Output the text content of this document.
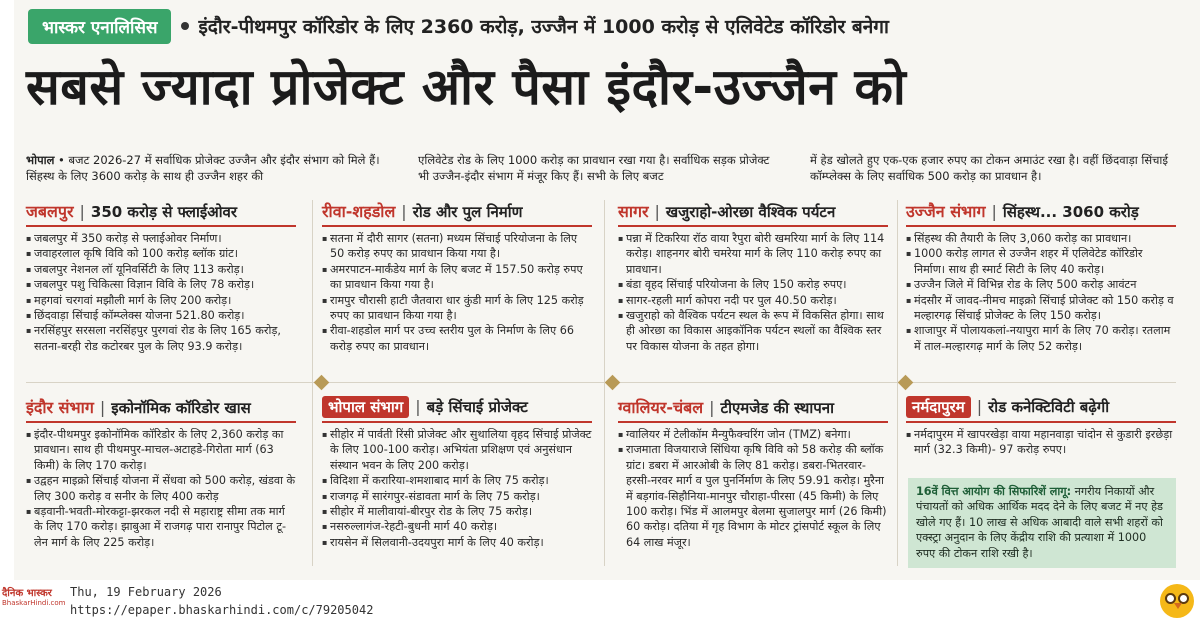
भास्कर एनालिसिस	इंदौर-पीथमपुर कॉरिडोर के लिए 2360 करोड़, उज्जैन में 1000 करोड़ से एलिवेटेड कॉरिडोर बनेगा
सबसे ज्यादा प्रोजेक्ट और पैसा इंदौर-उज्जैन को

भोपाल • बजट 2026-27 में सर्वाधिक प्रोजेक्ट उज्जैन और इंदौर संभाग को मिले हैं। सिंहस्थ के लिए 3600 करोड़ के साथ ही उज्जैन शहर की

एलिवेटेड रोड के लिए 1000 करोड़ का प्रावधान रखा गया है। सर्वाधिक सड़क प्रोजेक्ट भी उज्जैन-इंदौर संभाग में मंजूर किए हैं। सभी के लिए बजट

में हेड खोलते हुए एक-एक हजार रुपए का टोकन अमाउंट रखा है। वहीं छिंदवाड़ा सिंचाई कॉम्प्लेक्स के लिए सर्वाधिक 500 करोड़ का प्रावधान है।

जबलपुर | 350 करोड़ से फ्लाईओवर
▪ जबलपुर में 350 करोड़ से फ्लाईओवर निर्माण।
▪ जवाहरलाल कृषि विवि को 100 करोड़ ब्लॉक ग्रांट।
▪ जबलपुर नेशनल लॉ यूनिवर्सिटी के लिए 113 करोड़।
▪ जबलपुर पशु चिकित्सा विज्ञान विवि के लिए 78 करोड़।
▪ महगवां चरगवां मझौली मार्ग के लिए 200 करोड़।
▪ छिंदवाड़ा सिंचाई कॉम्प्लेक्स योजना 521.80 करोड़।
▪ नरसिंहपुर सरसला नरसिंहपुर पुरगवां रोड के लिए 165 करोड़, सतना-बरही रोड कटोरबर पुल के लिए 93.9 करोड़।
रीवा-शहडोल | रोड और पुल निर्माण
▪ सतना में दौरी सागर (सतना) मध्यम सिंचाई परियोजना के लिए 50 करोड़ रुपए का प्रावधान किया गया है।
▪ अमरपाटन-मार्कंडेय मार्ग के लिए बजट में 157.50 करोड़ रुपए का प्रावधान किया गया है।
▪ रामपुर चौरासी हाटी जैतवारा धार कुंडी मार्ग के लिए 125 करोड़ रुपए का प्रावधान किया गया है।
▪ रीवा-शहडोल मार्ग पर उच्च स्तरीय पुल के निर्माण के लिए 66 करोड़ रुपए का प्रावधान।
सागर | खजुराहो-ओरछा वैश्विक पर्यटन
▪ पन्ना में टिकरिया रॉठ वाया रैपुरा बोरी खमरिया मार्ग के लिए 114 करोड़। शाहनगर बोरी चमरेया मार्ग के लिए 110 करोड़ रुपए का प्रावधान।
▪ बंडा वृहद सिंचाई परियोजना के लिए 150 करोड़ रुपए।
▪ सागर-रहली मार्ग कोपरा नदी पर पुल 40.50 करोड़।
▪ खजुराहो को वैश्विक पर्यटन स्थल के रूप में विकसित होगा। साथ ही ओरछा का विकास आइकॉनिक पर्यटन स्थलों का वैश्विक स्तर पर विकास योजना के तहत होगा।
उज्जैन संभाग | सिंहस्थ... 3060 करोड़
▪ सिंहस्थ की तैयारी के लिए 3,060 करोड़ का प्रावधान।
▪ 1000 करोड़ लागत से उज्जैन शहर में एलिवेटेड कॉरिडोर निर्माण। साथ ही स्मार्ट सिटी के लिए 40 करोड़।
▪ उज्जैन जिले में विभिन्न रोड के लिए 500 करोड़ आवंटन
▪ मंदसौर में जावद-नीमच माइक्रो सिंचाई प्रोजेक्ट को 150 करोड़ व मल्हारगढ़ सिंचाई प्रोजेक्ट के लिए 150 करोड़।
▪ शाजापुर में पोलायकलां-नयापुरा मार्ग के लिए 70 करोड़। रतलाम में ताल-मल्हारगढ़ मार्ग के लिए 52 करोड़।
इंदौर संभाग | इकोनॉमिक कॉरिडोर खास
▪ इंदौर-पीथमपुर इकोनॉमिक कॉरिडोर के लिए 2,360 करोड़ का प्रावधान। साथ ही पीथमपुर-माचल-अटाहडे-गिरोता मार्ग (63 किमी) के लिए 170 करोड़।
▪ उद्वहन माइक्रो सिंचाई योजना में सेंधवा को 500 करोड़, खंडवा के लिए 300 करोड़ व सनीर के लिए 400 करोड़
▪ बड़वानी-भवती-मोरकट्टा-झरकल नदी से महाराष्ट्र सीमा तक मार्ग के लिए 170 करोड़। झाबुआ में राजगढ़ पारा रानापुर पिटोल टू-लेन मार्ग के लिए 225 करोड़।
भोपाल संभाग | बड़े सिंचाई प्रोजेक्ट
▪ सीहोर में पार्वती रिंसी प्रोजेक्ट और सुथालिया वृहद सिंचाई प्रोजेक्ट के लिए 100-100 करोड़। अभियंता प्रशिक्षण एवं अनुसंधान संस्थान भवन के लिए 200 करोड़।
▪ विदिशा में करारिया-शमशाबाद मार्ग के लिए 75 करोड़।
▪ राजगढ़ में सारंगपुर-संडावता मार्ग के लिए 75 करोड़।
▪ सीहोर में मालीवायां-बीरपुर रोड के लिए 75 करोड़।
▪ नसरुल्लागंज-रेहटी-बुधनी मार्ग 40 करोड़।
▪ रायसेन में सिलवानी-उदयपुरा मार्ग के लिए 40 करोड़।
ग्वालियर-चंबल | टीएमजेड की स्थापना
▪ ग्वालियर में टेलीकॉम मैन्युफैक्चरिंग जोन (TMZ) बनेगा।
▪ राजमाता विजयाराजे सिंधिया कृषि विवि को 58 करोड़ की ब्लॉक ग्रांट। डबरा में आरओबी के लिए 81 करोड़। डबरा-भितरवार-हरसी-नरवर मार्ग व पुल पुनर्निर्माण के लिए 59.91 करोड़। मुरैना में बड़गांव-सिहौनिया-मानपुर चौराहा-पीरसा (45 किमी) के लिए 100 करोड़। भिंड में आलमपुर बेलमा सुजालपुर मार्ग (26 किमी) 60 करोड़। दतिया में गृह विभाग के मोटर ट्रांसपोर्ट स्कूल के लिए 64 लाख मंजूर।
नर्मदापुरम | रोड कनेक्टिविटी बढ़ेगी
▪ नर्मदापुरम में खापरखेड़ा वाया महानवाड़ा चांदोन से कुडारी इरछेड़ा मार्ग (32.3 किमी)- 97 करोड़ रुपए।
16वें वित्त आयोग की सिफारिशें लागू: नगरीय निकायों और पंचायतों को अधिक आर्थिक मदद देने के लिए बजट में नए हेड खोले गए हैं। 10 लाख से अधिक आबादी वाले सभी शहरों को एक्स्ट्रा अनुदान के लिए केंद्रीय राशि की प्रत्याशा में 1000 रुपए की टोकन राशि रखी है।
दैनिक भास्कर
BhaskarHindi.com
Thu, 19 February 2026
https://epaper.bhaskarhindi.com/c/79205042
